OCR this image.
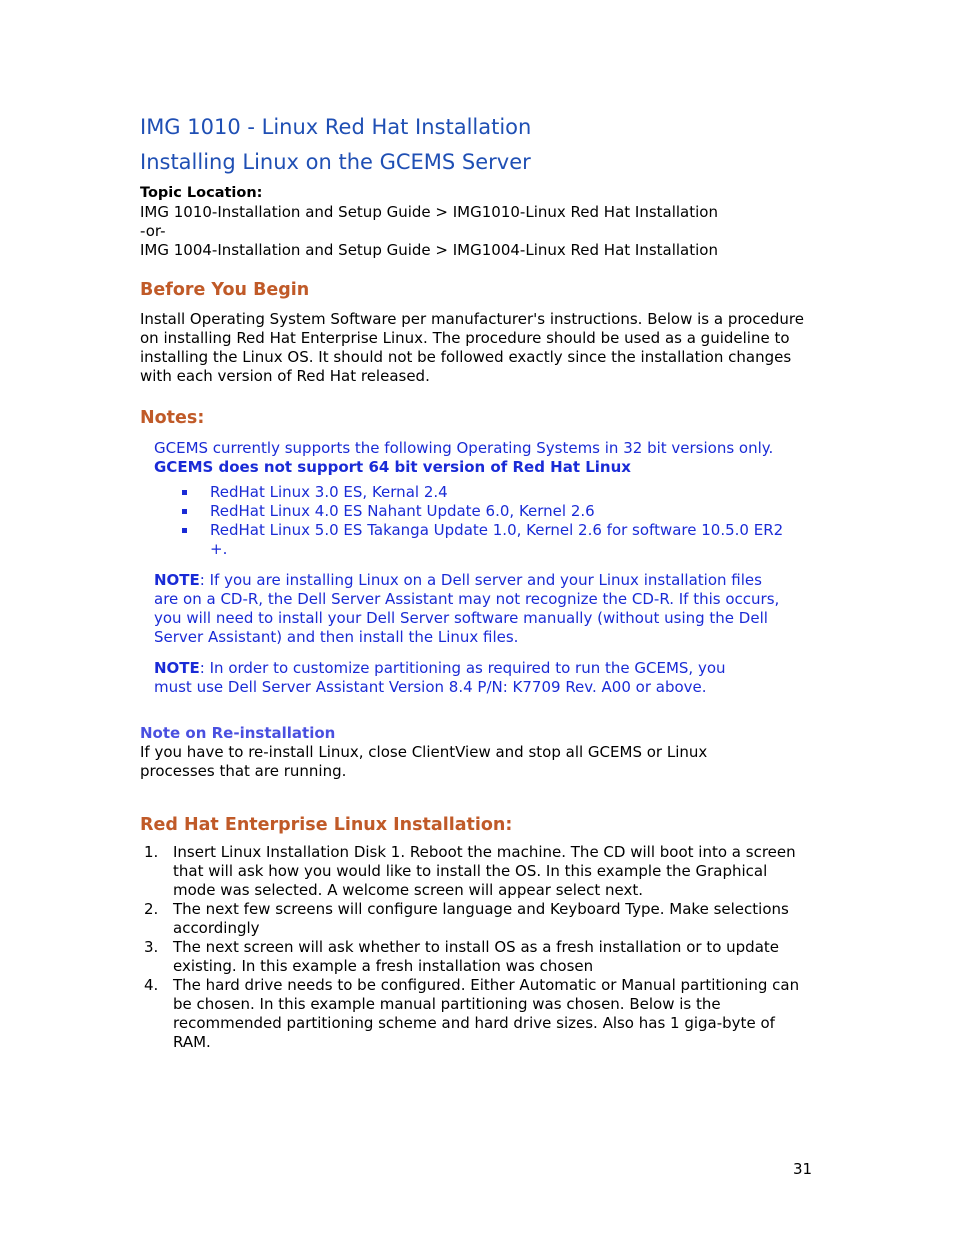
IMG 1010 - Linux Red Hat Installation
Installing Linux on the GCEMS Server

Topic Location:

IMG 1010-Installation and Setup Guide > IMG1010-Linux Red Hat Installation

-or-

IMG 1004-Installation and Setup Guide > IMG1004-Linux Red Hat Installation

Before You Begin

Install Operating System Software per manufacturer's instructions. Below is a procedure on installing Red Hat Enterprise Linux. The procedure should be used as a guideline to installing the Linux OS. It should not be followed exactly since the installation changes with each version of Red Hat released.

Notes:

GCEMS currently supports the following Operating Systems in 32 bit versions only. GCEMS does not support 64 bit version of Red Hat Linux

RedHat Linux 3.0 ES, Kernal 2.4
RedHat Linux 4.0 ES Nahant Update 6.0, Kernel 2.6
RedHat Linux 5.0 ES Takanga Update 1.0, Kernel 2.6 for software 10.5.0 ER2 +.

NOTE: If you are installing Linux on a Dell server and your Linux installation files are on a CD-R, the Dell Server Assistant may not recognize the CD-R. If this occurs, you will need to install your Dell Server software manually (without using the Dell Server Assistant) and then install the Linux files.

NOTE: In order to customize partitioning as required to run the GCEMS, you must use Dell Server Assistant Version 8.4 P/N: K7709 Rev. A00 or above.

Note on Re-installation

If you have to re-install Linux, close ClientView and stop all GCEMS or Linux processes that are running.

Red Hat Enterprise Linux Installation:
1. Insert Linux Installation Disk 1. Reboot the machine. The CD will boot into a screen that will ask how you would like to install the OS. In this example the Graphical mode was selected. A welcome screen will appear select next.
2. The next few screens will configure language and Keyboard Type. Make selections accordingly
3. The next screen will ask whether to install OS as a fresh installation or to update existing. In this example a fresh installation was chosen
4. The hard drive needs to be configured. Either Automatic or Manual partitioning can be chosen. In this example manual partitioning was chosen. Below is the recommended partitioning scheme and hard drive sizes. Also has 1 giga-byte of RAM.
31
